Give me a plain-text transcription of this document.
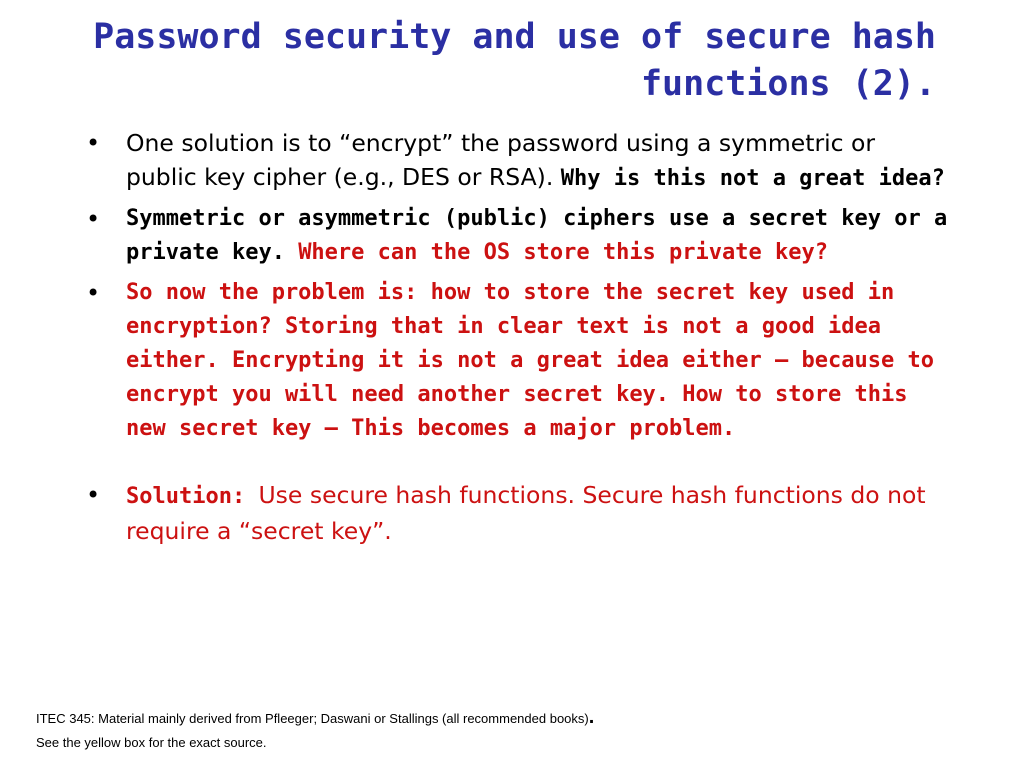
Password security and use of secure hash functions (2).
• One solution is to “encrypt” the password using a symmetric or public key cipher (e.g., DES or RSA). Why is this not a great idea?
• Symmetric or asymmetric (public) ciphers use a secret key or a private key. Where can the OS store this private key?
• So now the problem is: how to store the secret key used in encryption? Storing that in clear text is not a good idea either. Encrypting it is not a great idea either – because to encrypt you will need another secret key. How to store this new secret key – This becomes a major problem.
• Solution: Use secure hash functions. Secure hash functions do not require a “secret key”.

ITEC 345: Material mainly derived from Pfleeger; Daswani or Stallings (all recommended books).

See the yellow box for the exact source.
